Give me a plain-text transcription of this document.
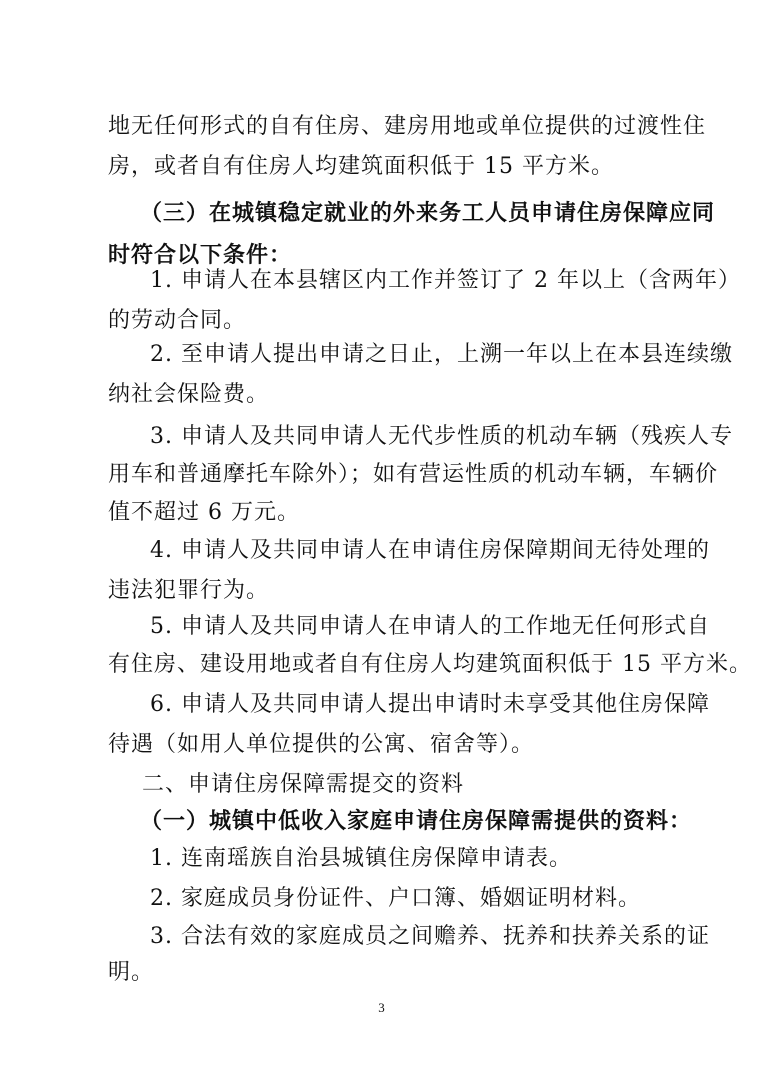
地无任何形式的自有住房、建房用地或单位提供的过渡性住
房，或者自有住房人均建筑面积低于 15 平方米。
（三）在城镇稳定就业的外来务工人员申请住房保障应同
时符合以下条件：
1. 申请人在本县辖区内工作并签订了 2 年以上（含两年）
的劳动合同。
2. 至申请人提出申请之日止，上溯一年以上在本县连续缴
纳社会保险费。
3. 申请人及共同申请人无代步性质的机动车辆（残疾人专
用车和普通摩托车除外）；如有营运性质的机动车辆，车辆价
值不超过 6 万元。
4. 申请人及共同申请人在申请住房保障期间无待处理的
违法犯罪行为。
5. 申请人及共同申请人在申请人的工作地无任何形式自
有住房、建设用地或者自有住房人均建筑面积低于 15 平方米。
6. 申请人及共同申请人提出申请时未享受其他住房保障
待遇（如用人单位提供的公寓、宿舍等）。
二、申请住房保障需提交的资料
（一）城镇中低收入家庭申请住房保障需提供的资料：
1. 连南瑶族自治县城镇住房保障申请表。
2. 家庭成员身份证件、户口簿、婚姻证明材料。
3. 合法有效的家庭成员之间赡养、抚养和扶养关系的证
明。
3
